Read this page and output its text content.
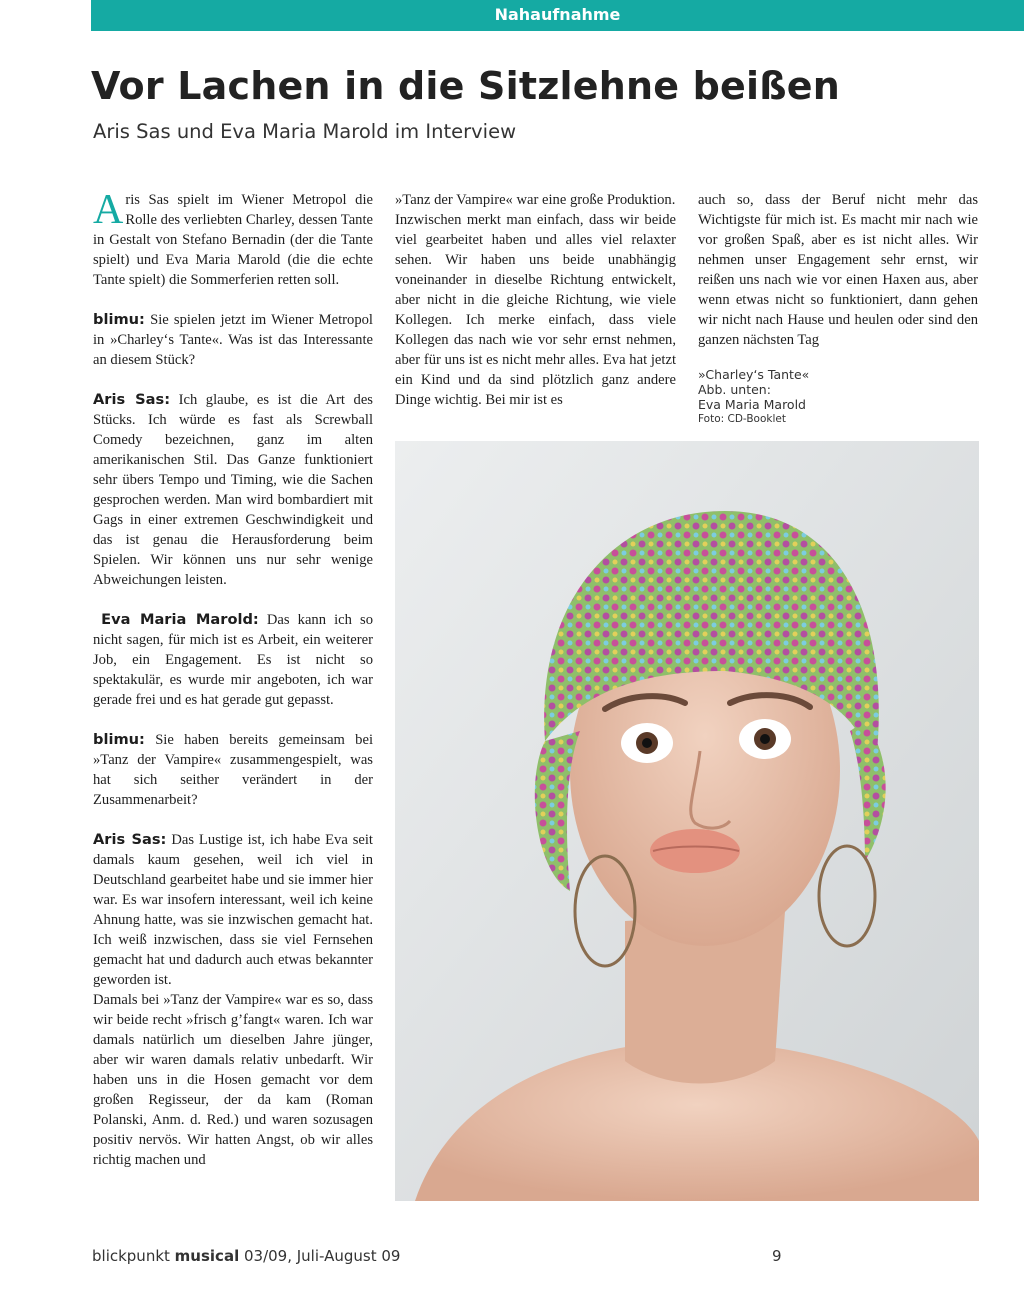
Nahaufnahme
Vor Lachen in die Sitzlehne beißen
Aris Sas und Eva Maria Marold im Interview

Aris Sas spielt im Wiener Metropol die Rolle des verliebten Charley, dessen Tante in Gestalt von Stefano Bernadin (der die Tante spielt) und Eva Maria Marold (die die echte Tante spielt) die Sommerferien retten soll.

blimu: Sie spielen jetzt im Wiener Metropol in »Charley‘s Tante«. Was ist das Interessante an diesem Stück?

Aris Sas: Ich glaube, es ist die Art des Stücks. Ich würde es fast als Screwball Comedy bezeichnen, ganz im alten amerikanischen Stil. Das Ganze funktioniert sehr übers Tempo und Timing, wie die Sachen gesprochen werden. Man wird bombardiert mit Gags in einer extremen Geschwindigkeit und das ist genau die Herausforderung beim Spielen. Wir können uns nur sehr wenige Abweichungen leisten.

Eva Maria Marold: Das kann ich so nicht sagen, für mich ist es Arbeit, ein weiterer Job, ein Engagement. Es ist nicht so spektakulär, es wurde mir angeboten, ich war gerade frei und es hat gerade gut gepasst.

blimu: Sie haben bereits gemeinsam bei »Tanz der Vampire« zusammengespielt, was hat sich seither verändert in der Zusammenarbeit?

Aris Sas: Das Lustige ist, ich habe Eva seit damals kaum gesehen, weil ich viel in Deutschland gearbeitet habe und sie immer hier war. Es war insofern interessant, weil ich keine Ahnung hatte, was sie inzwischen gemacht hat. Ich weiß inzwischen, dass sie viel Fernsehen gemacht hat und dadurch auch etwas bekannter geworden ist.

Damals bei »Tanz der Vampire« war es so, dass wir beide recht »frisch g’fangt« waren. Ich war damals natürlich um dieselben Jahre jünger, aber wir waren damals relativ unbedarft. Wir haben uns in die Hosen gemacht vor dem großen Regisseur, der da kam (Roman Polanski, Anm. d. Red.) und waren sozusagen positiv nervös. Wir hatten Angst, ob wir alles richtig machen und

»Tanz der Vampire« war eine große Produktion.

Inzwischen merkt man einfach, dass wir beide viel gearbeitet haben und alles viel relaxter sehen. Wir haben uns beide unabhängig voneinander in dieselbe Richtung entwickelt, aber nicht in die gleiche Richtung, wie viele Kollegen. Ich merke einfach, dass viele Kollegen das nach wie vor sehr ernst nehmen, aber für uns ist es nicht mehr alles. Eva hat jetzt ein Kind und da sind plötzlich ganz andere Dinge wichtig. Bei mir ist es

auch so, dass der Beruf nicht mehr das Wichtigste für mich ist. Es macht mir nach wie vor großen Spaß, aber es ist nicht alles. Wir nehmen unser Engagement sehr ernst, wir reißen uns nach wie vor einen Haxen aus, aber wenn etwas nicht so funktioniert, dann gehen wir nicht nach Hause und heulen oder sind den ganzen nächsten Tag

»Charley‘s Tante«
Abb. unten:
Eva Maria Marold
Foto: CD-Booklet
blickpunkt musical 03/09, Juli-August 09	9
